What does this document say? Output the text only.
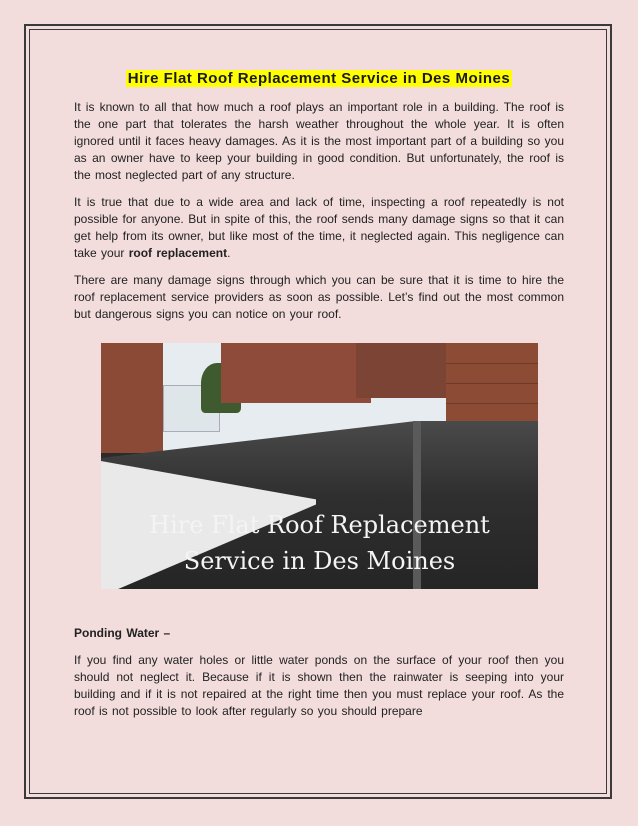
Hire Flat Roof Replacement Service in Des Moines

It is known to all that how much a roof plays an important role in a building. The roof is the one part that tolerates the harsh weather throughout the whole year. It is often ignored until it faces heavy damages. As it is the most important part of a building so you as an owner have to keep your building in good condition. But unfortunately, the roof is the most neglected part of any structure.

It is true that due to a wide area and lack of time, inspecting a roof repeatedly is not possible for anyone. But in spite of this, the roof sends many damage signs so that it can get help from its owner, but like most of the time, it neglected again. This negligence can take your roof replacement.

There are many damage signs through which you can be sure that it is time to hire the roof replacement service providers as soon as possible. Let’s find out the most common but dangerous signs you can notice on your roof.

Hire Flat Roof Replacement
Service in Des Moines

Ponding Water –

If you find any water holes or little water ponds on the surface of your roof then you should not neglect it. Because if it is shown then the rainwater is seeping into your building and if it is not repaired at the right time then you must replace your roof. As the roof is not possible to look after regularly so you should prepare
